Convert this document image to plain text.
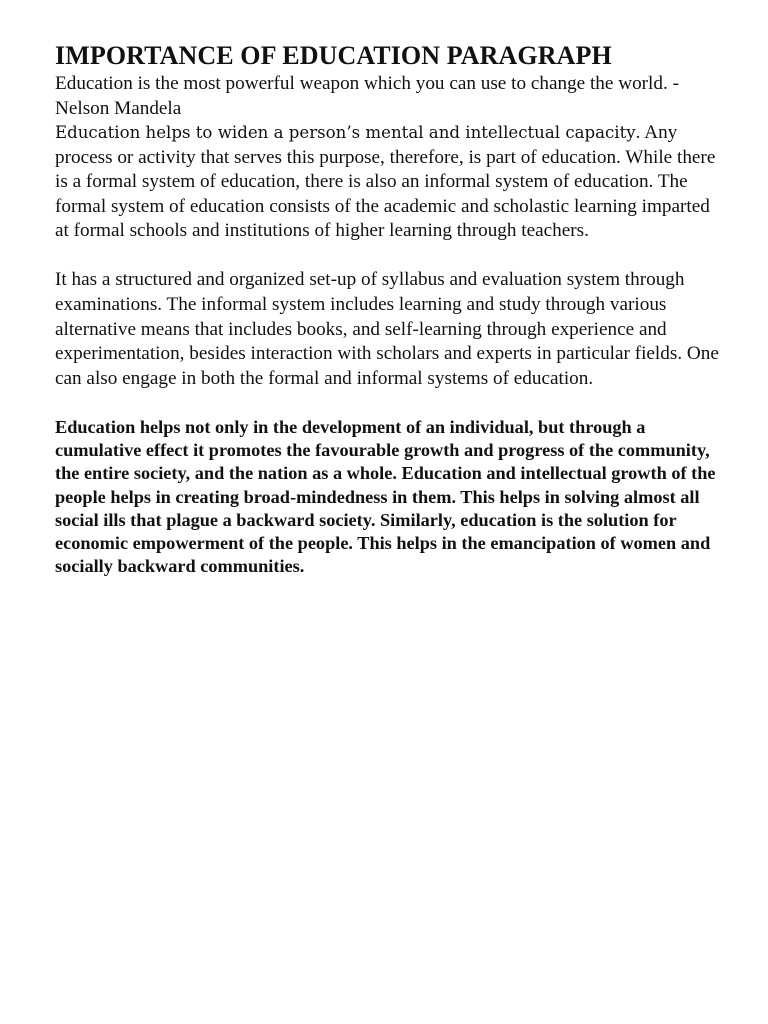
IMPORTANCE OF EDUCATION PARAGRAPH

Education is the most powerful weapon which you can use to change the world. - Nelson Mandela

Education helps to widen a person’s mental and intellectual capacity. Any process or activity that serves this purpose, therefore, is part of education. While there is a formal system of education, there is also an informal system of education. The formal system of education consists of the academic and scholastic learning imparted at formal schools and institutions of higher learning through teachers.

It has a structured and organized set-up of syllabus and evaluation system through examinations. The informal system includes learning and study through various alternative means that includes books, and self-learning through experience and experimentation, besides interaction with scholars and experts in particular fields. One can also engage in both the formal and informal systems of education.

Education helps not only in the development of an individual, but through a cumulative effect it promotes the favourable growth and progress of the community, the entire society, and the nation as a whole. Education and intellectual growth of the people helps in creating broad-mindedness in them. This helps in solving almost all social ills that plague a backward society. Similarly, education is the solution for economic empowerment of the people. This helps in the emancipation of women and socially backward communities.
